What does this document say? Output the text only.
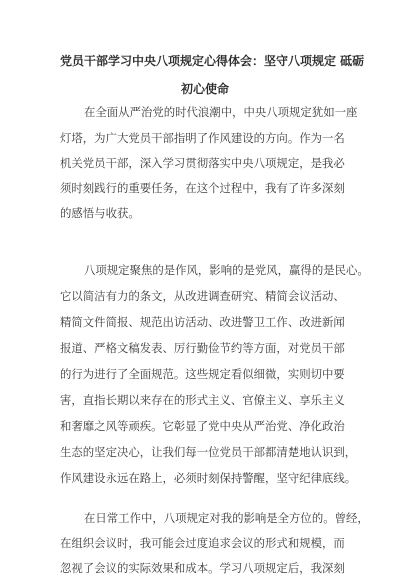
党员干部学习中央八项规定心得体会：坚守八项规定 砥砺
初心使命
在全面从严治党的时代浪潮中，中央八项规定犹如一座
灯塔，为广大党员干部指明了作风建设的方向。作为一名
机关党员干部，深入学习贯彻落实中央八项规定，是我必
须时刻践行的重要任务，在这个过程中，我有了许多深刻
的感悟与收获。
八项规定聚焦的是作风，影响的是党风，赢得的是民心。
它以简洁有力的条文，从改进调查研究、精简会议活动、
精简文件简报、规范出访活动、改进警卫工作、改进新闻
报道、严格文稿发表、厉行勤俭节约等方面，对党员干部
的行为进行了全面规范。这些规定看似细微，实则切中要
害，直指长期以来存在的形式主义、官僚主义、享乐主义
和奢靡之风等顽疾。它彰显了党中央从严治党、净化政治
生态的坚定决心，让我们每一位党员干部都清楚地认识到，
作风建设永远在路上，必须时刻保持警醒，坚守纪律底线。
在日常工作中，八项规定对我的影响是全方位的。曾经，
在组织会议时，我可能会过度追求会议的形式和规模，而
忽视了会议的实际效果和成本。学习八项规定后，我深刻
